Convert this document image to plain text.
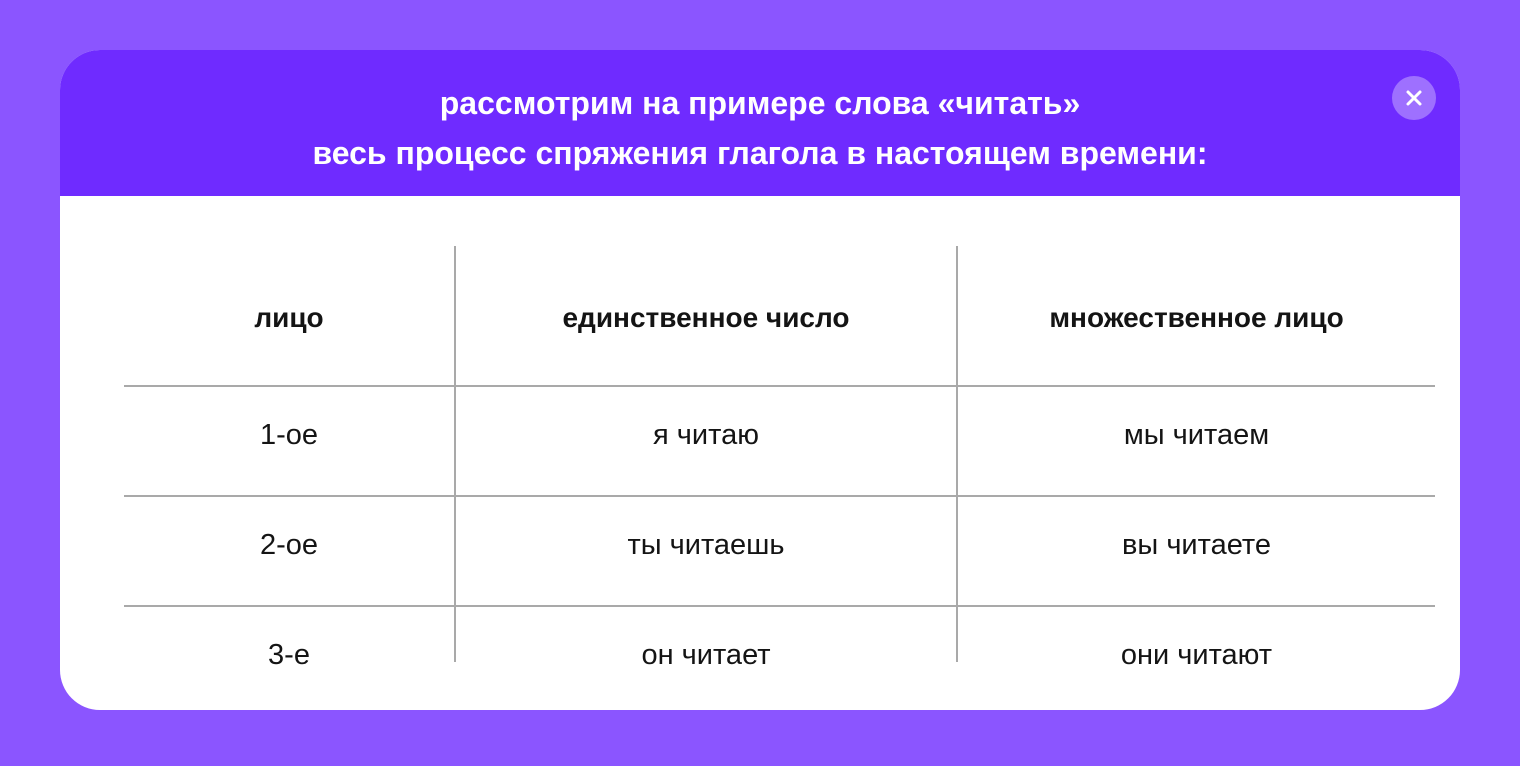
рассмотрим на примере слова «читать»
весь процесс спряжения глагола в настоящем времени:
лицо	единственное число	множественное лицо
1-ое	я читаю	мы читаем
2-ое	ты читаешь	вы читаете
3-е	он читает	они читают
